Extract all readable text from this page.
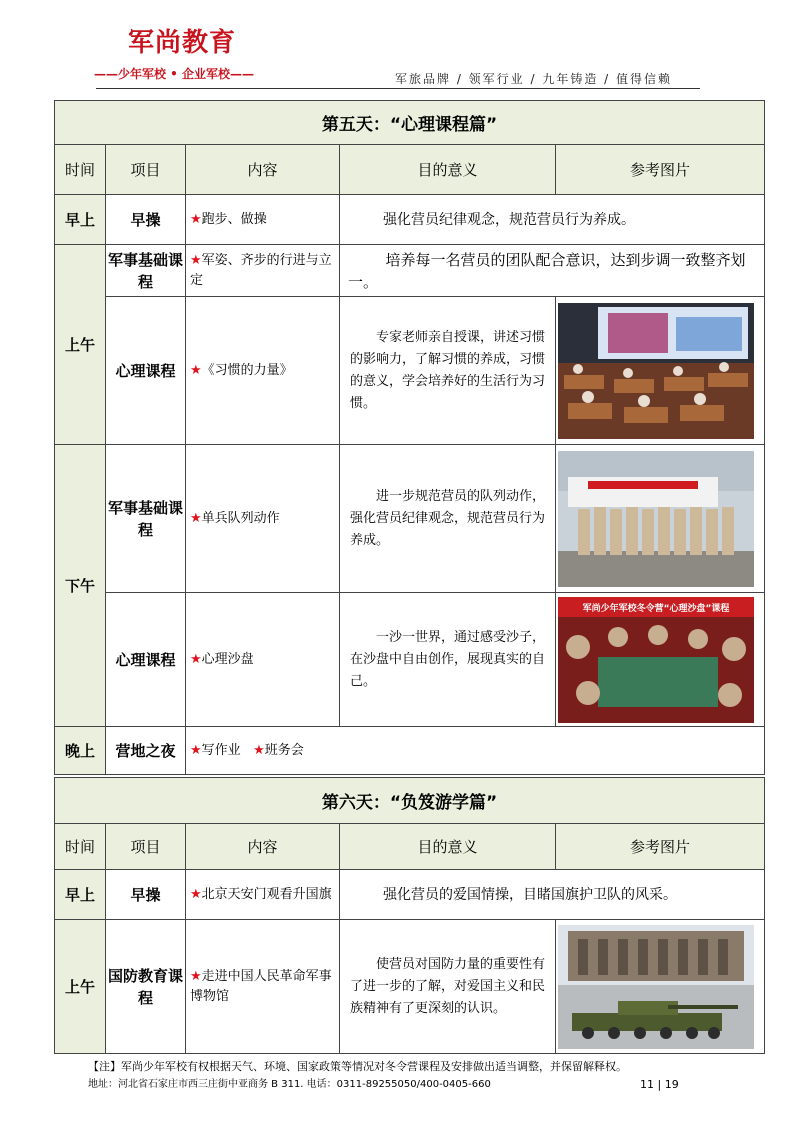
军尚教育
——少年军校 • 企业军校——	军旅品牌 / 领军行业 / 九年铸造 / 值得信赖
第五天：“心理课程篇”				
时间	项目	内容	目的意义	参考图片
早上	早操	★跑步、做操	强化营员纪律观念，规范营员行为养成。	
上午	军事基础课程	★军姿、齐步的行进与立定	培养每一名营员的团队配合意识，达到步调一致整齐划一。	
	心理课程	★《习惯的力量》	专家老师亲自授课，讲述习惯的影响力，了解习惯的养成，习惯的意义，学会培养好的生活行为习惯。	

下午	军事基础课程	★单兵队列动作	进一步规范营员的队列动作，强化营员纪律观念，规范营员行为养成。	

	心理课程	★心理沙盘	一沙一世界，通过感受沙子，在沙盘中自由创作，展现真实的自己。	军尚少年军校冬令营“心理沙盘”课程

晚上	营地之夜	★写作业 ★班务会		
第六天：“负笈游学篇”				
时间	项目	内容	目的意义	参考图片
早上	早操	★北京天安门观看升国旗	强化营员的爱国情操，目睹国旗护卫队的风采。	
上午	国防教育课程	★走进中国人民革命军事博物馆	使营员对国防力量的重要性有了进一步的了解，对爱国主义和民族精神有了更深刻的认识。	
【注】军尚少年军校有权根据天气、环境、国家政策等情况对冬令营课程及安排做出适当调整，并保留解释权。
地址：河北省石家庄市西三庄街中亚商务 B 311. 电话：0311-89255050/400-0405-660	11 | 19
